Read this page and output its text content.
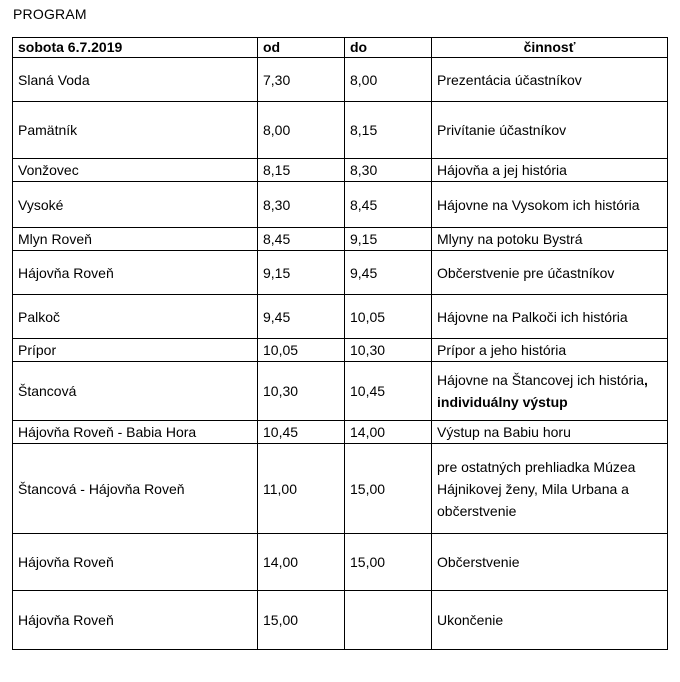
PROGRAM
sobota 6.7.2019	od	do	činnosť
Slaná Voda	7,30	8,00	Prezentácia účastníkov
Pamätník	8,00	8,15	Privítanie účastníkov
Vonžovec	8,15	8,30	Hájovňa a jej história
Vysoké	8,30	8,45	Hájovne na Vysokom ich história
Mlyn Roveň	8,45	9,15	Mlyny na potoku Bystrá
Hájovňa Roveň	9,15	9,45	Občerstvenie pre účastníkov
Palkoč	9,45	10,05	Hájovne na Palkoči ich história
Prípor	10,05	10,30	Prípor a jeho história
Štancová	10,30	10,45	Hájovne na Štancovej ich história, individuálny výstup
Hájovňa Roveň - Babia Hora	10,45	14,00	Výstup na Babiu horu
Štancová - Hájovňa Roveň	11,00	15,00	pre ostatných prehliadka Múzea Hájnikovej ženy, Mila Urbana a občerstvenie
Hájovňa Roveň	14,00	15,00	Občerstvenie
Hájovňa Roveň	15,00		Ukončenie
